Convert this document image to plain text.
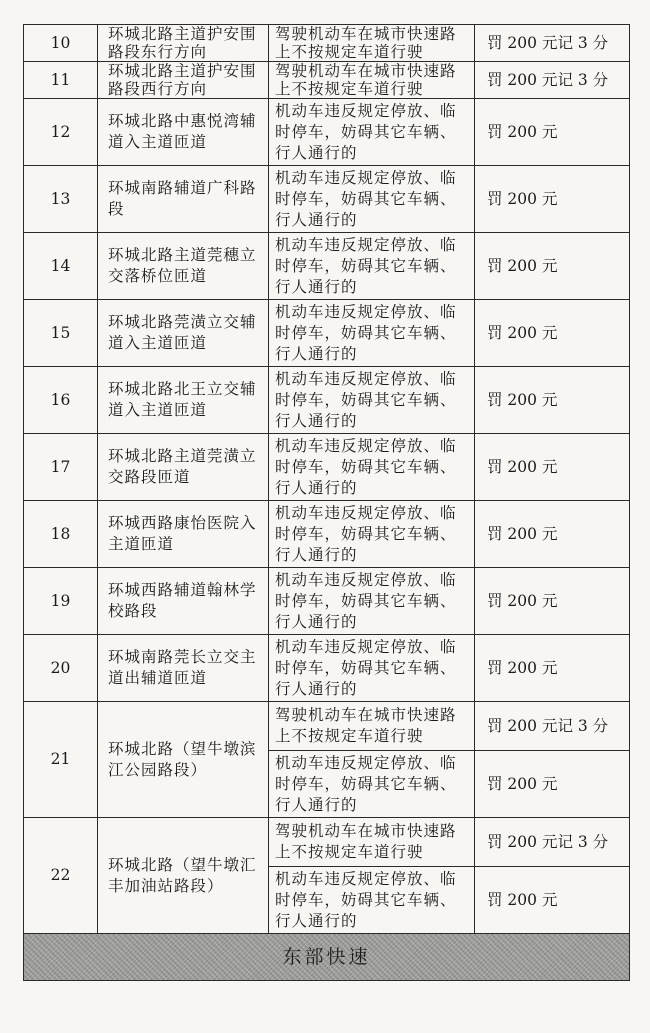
10	环城北路主道护安围路段东行方向	驾驶机动车在城市快速路上不按规定车道行驶	罚 200 元记 3 分
11	环城北路主道护安围路段西行方向	驾驶机动车在城市快速路上不按规定车道行驶	罚 200 元记 3 分
12	环城北路中惠悦湾辅道入主道匝道	机动车违反规定停放、临时停车，妨碍其它车辆、行人通行的	罚 200 元
13	环城南路辅道广科路段	机动车违反规定停放、临时停车，妨碍其它车辆、行人通行的	罚 200 元
14	环城北路主道莞穗立交落桥位匝道	机动车违反规定停放、临时停车，妨碍其它车辆、行人通行的	罚 200 元
15	环城北路莞潢立交辅道入主道匝道	机动车违反规定停放、临时停车，妨碍其它车辆、行人通行的	罚 200 元
16	环城北路北王立交辅道入主道匝道	机动车违反规定停放、临时停车，妨碍其它车辆、行人通行的	罚 200 元
17	环城北路主道莞潢立交路段匝道	机动车违反规定停放、临时停车，妨碍其它车辆、行人通行的	罚 200 元
18	环城西路康怡医院入主道匝道	机动车违反规定停放、临时停车，妨碍其它车辆、行人通行的	罚 200 元
19	环城西路辅道翰林学校路段	机动车违反规定停放、临时停车，妨碍其它车辆、行人通行的	罚 200 元
20	环城南路莞长立交主道出辅道匝道	机动车违反规定停放、临时停车，妨碍其它车辆、行人通行的	罚 200 元
21	环城北路（望牛墩滨江公园路段）	驾驶机动车在城市快速路上不按规定车道行驶	罚 200 元记 3 分
		机动车违反规定停放、临时停车，妨碍其它车辆、行人通行的	罚 200 元
22	环城北路（望牛墩汇丰加油站路段）	驾驶机动车在城市快速路上不按规定车道行驶	罚 200 元记 3 分
		机动车违反规定停放、临时停车，妨碍其它车辆、行人通行的	罚 200 元
东部快速			
